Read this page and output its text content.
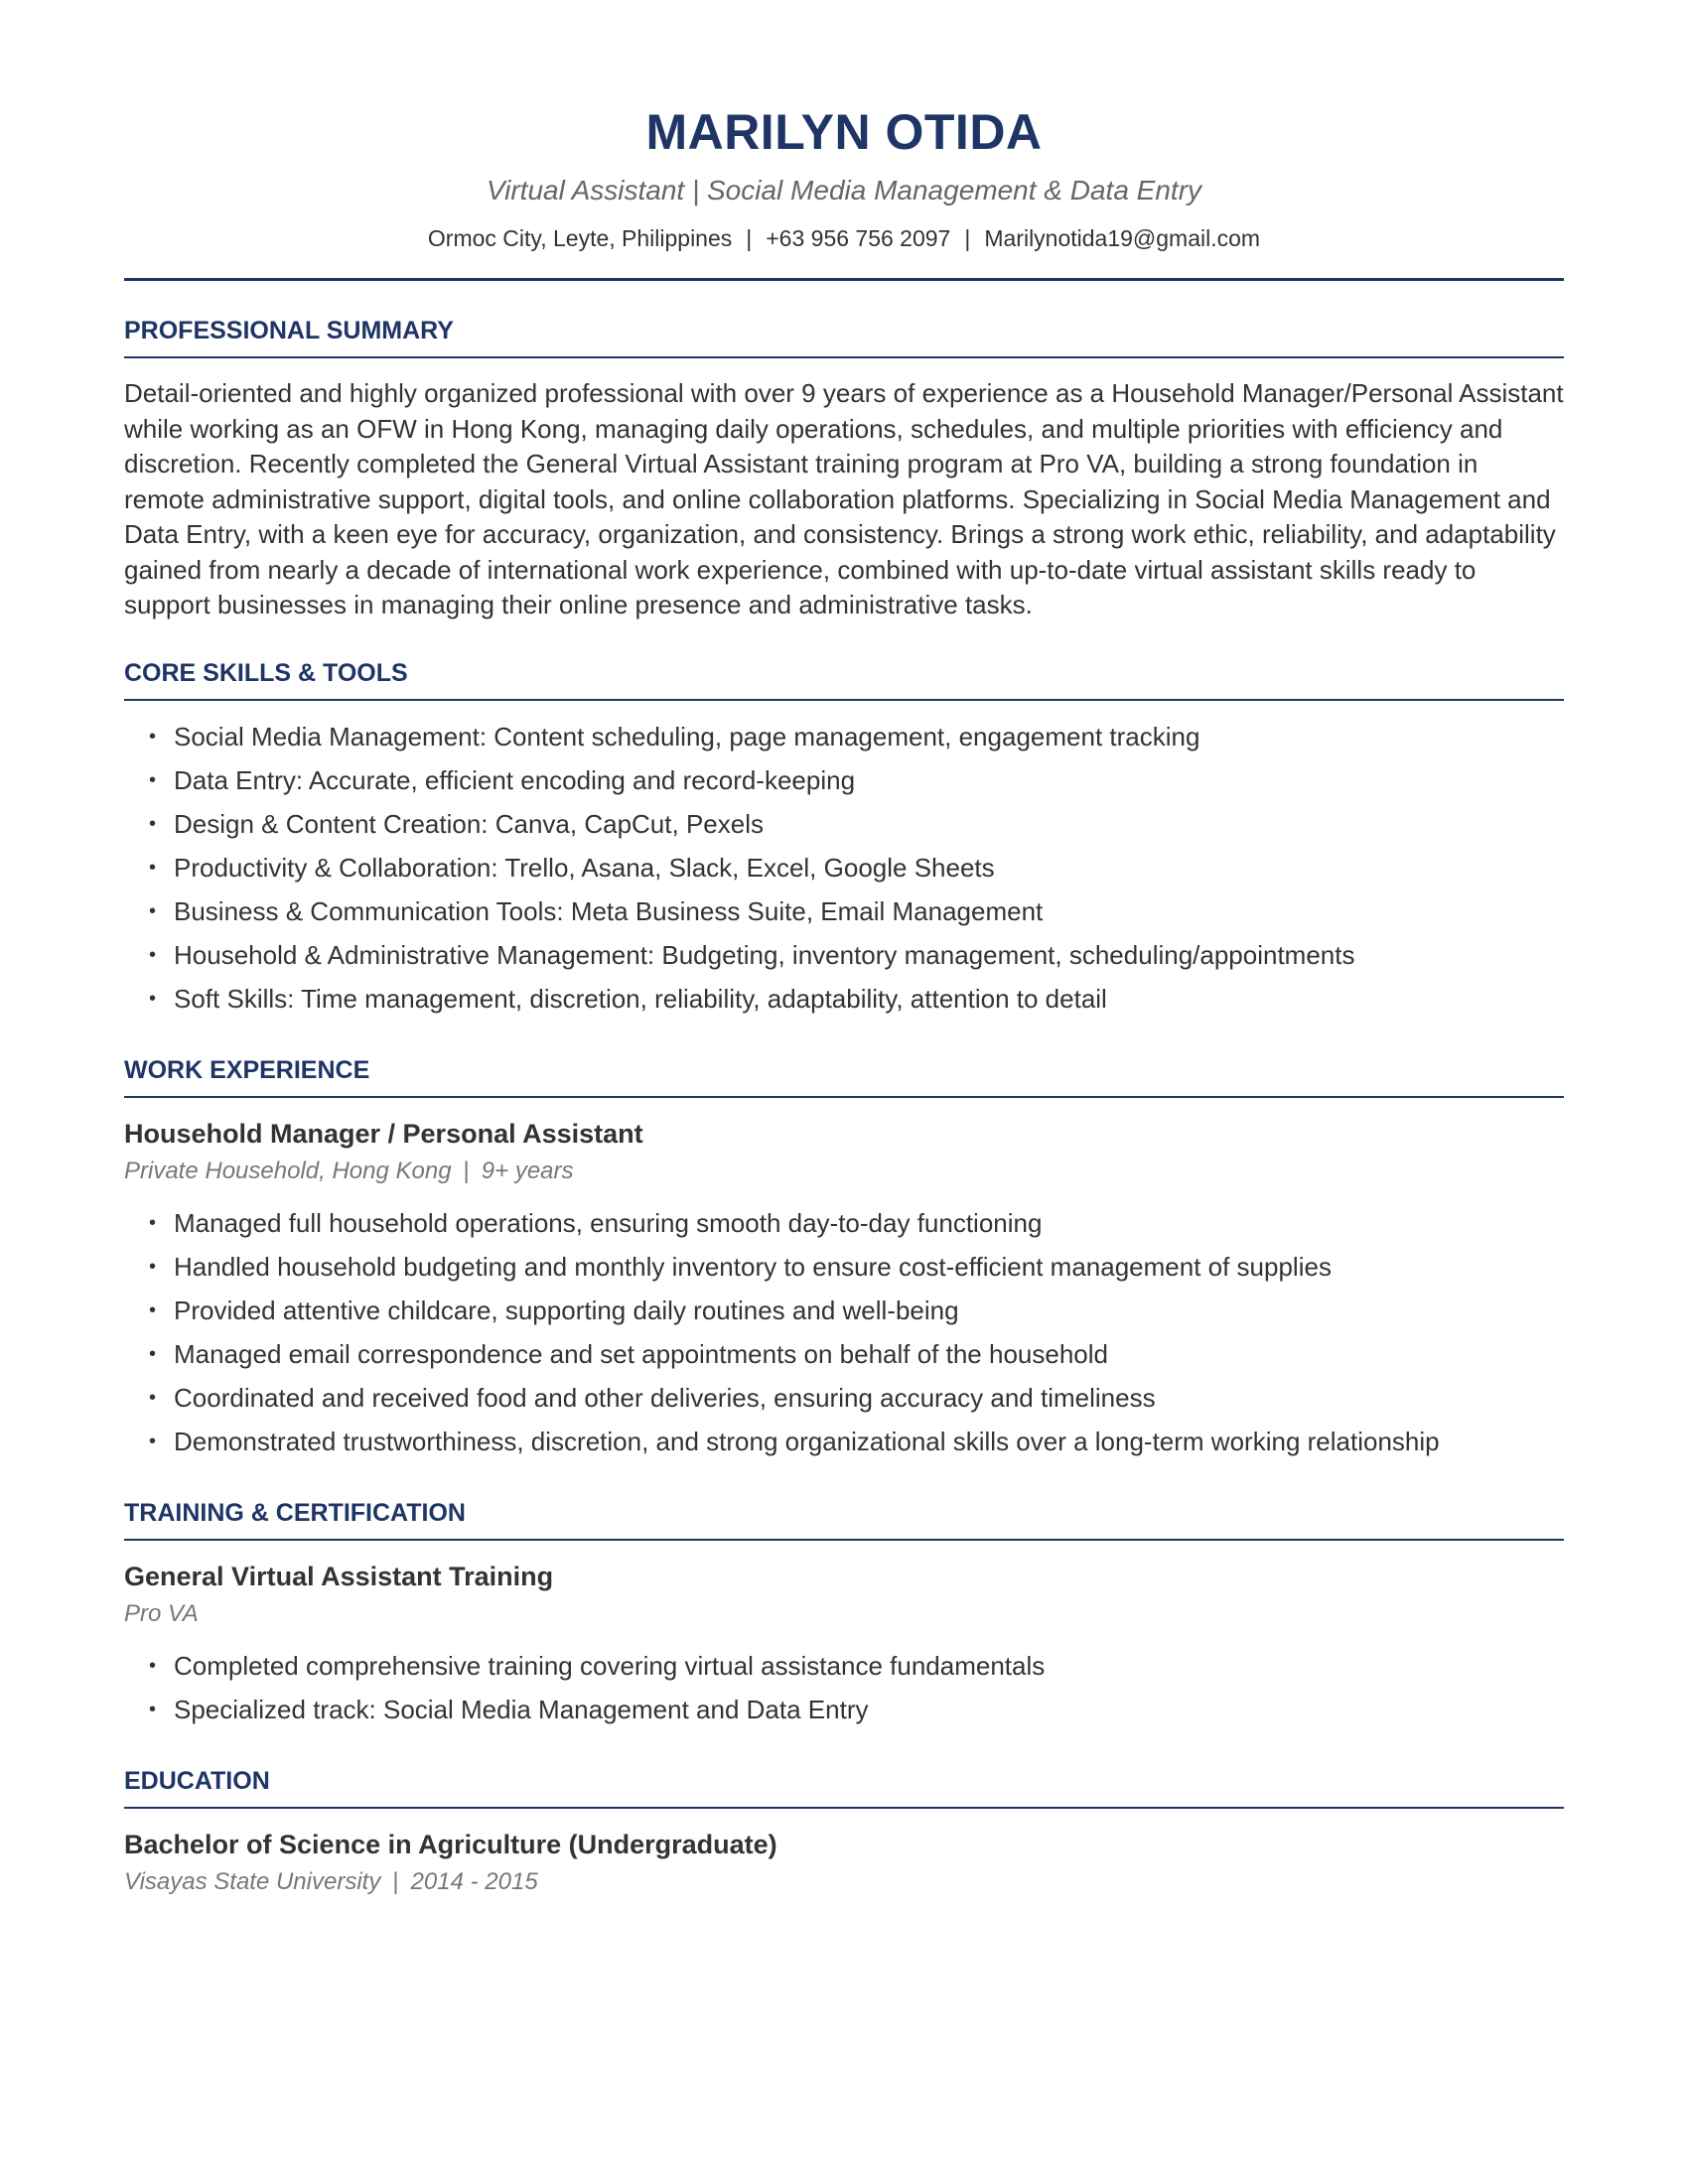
MARILYN OTIDA
Virtual Assistant | Social Media Management & Data Entry
Ormoc City, Leyte, Philippines | +63 956 756 2097 | Marilynotida19@gmail.com
PROFESSIONAL SUMMARY
Detail-oriented and highly organized professional with over 9 years of experience as a Household Manager/Personal Assistant while working as an OFW in Hong Kong, managing daily operations, schedules, and multiple priorities with efficiency and discretion. Recently completed the General Virtual Assistant training program at Pro VA, building a strong foundation in remote administrative support, digital tools, and online collaboration platforms. Specializing in Social Media Management and Data Entry, with a keen eye for accuracy, organization, and consistency. Brings a strong work ethic, reliability, and adaptability gained from nearly a decade of international work experience, combined with up-to-date virtual assistant skills ready to support businesses in managing their online presence and administrative tasks.
CORE SKILLS & TOOLS
• Social Media Management: Content scheduling, page management, engagement tracking
• Data Entry: Accurate, efficient encoding and record-keeping
• Design & Content Creation: Canva, CapCut, Pexels
• Productivity & Collaboration: Trello, Asana, Slack, Excel, Google Sheets
• Business & Communication Tools: Meta Business Suite, Email Management
• Household & Administrative Management: Budgeting, inventory management, scheduling/appointments
• Soft Skills: Time management, discretion, reliability, adaptability, attention to detail
WORK EXPERIENCE
Household Manager / Personal Assistant
Private Household, Hong Kong | 9+ years
• Managed full household operations, ensuring smooth day-to-day functioning
• Handled household budgeting and monthly inventory to ensure cost-efficient management of supplies
• Provided attentive childcare, supporting daily routines and well-being
• Managed email correspondence and set appointments on behalf of the household
• Coordinated and received food and other deliveries, ensuring accuracy and timeliness
• Demonstrated trustworthiness, discretion, and strong organizational skills over a long-term working relationship
TRAINING & CERTIFICATION
General Virtual Assistant Training
Pro VA
• Completed comprehensive training covering virtual assistance fundamentals
• Specialized track: Social Media Management and Data Entry
EDUCATION
Bachelor of Science in Agriculture (Undergraduate)
Visayas State University | 2014 - 2015
